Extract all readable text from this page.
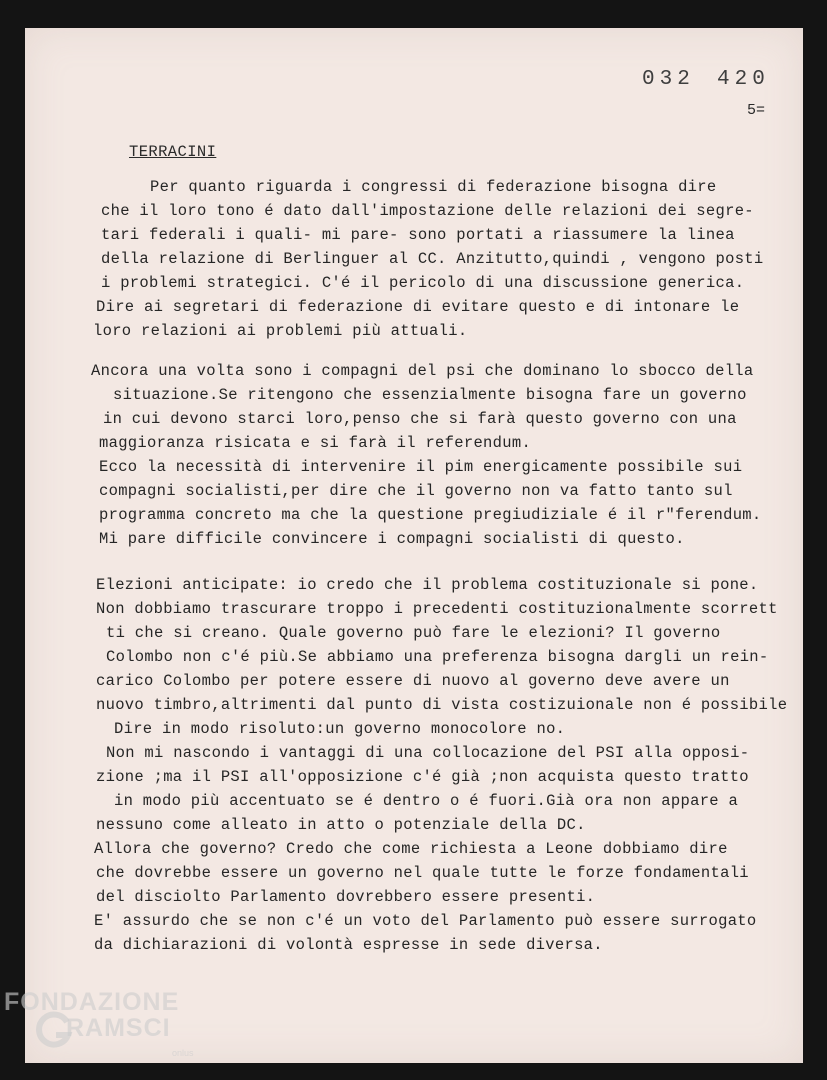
032 420
5=
TERRACINI
Per quanto riguarda i congressi di federazione bisogna dire
che il loro tono é dato dall'impostazione delle relazioni dei segre-
tari federali i quali- mi pare- sono portati a riassumere la linea
della relazione di Berlinguer al CC. Anzitutto,quindi , vengono posti
i problemi strategici. C'é il pericolo di una discussione generica.
Dire ai segretari di federazione di evitare questo e di intonare le
loro relazioni ai problemi più attuali.
Ancora una volta sono i compagni del psi che dominano lo sbocco della
situazione.Se ritengono che essenzialmente bisogna fare un governo
in cui devono starci loro,penso che si farà questo governo con una
maggioranza risicata e si farà il referendum.
Ecco la necessità di intervenire il pim energicamente possibile sui
compagni socialisti,per dire che il governo non va fatto tanto sul
programma concreto ma che la questione pregiudiziale é il r"ferendum.
Mi pare difficile convincere i compagni socialisti di questo.
Elezioni anticipate: io credo che il problema costituzionale si pone.
Non dobbiamo trascurare troppo i precedenti costituzionalmente scorrett
ti che si creano. Quale governo può fare le elezioni? Il governo
Colombo non c'é più.Se abbiamo una preferenza bisogna dargli un rein-
carico Colombo per potere essere di nuovo al governo deve avere un
nuovo timbro,altrimenti dal punto di vista costizuionale non é possibile
Dire in modo risoluto:un governo monocolore no.
Non mi nascondo i vantaggi di una collocazione del PSI alla opposi-
zione ;ma il PSI all'opposizione c'é già ;non acquista questo tratto
in modo più accentuato se é dentro o é fuori.Già ora non appare a
nessuno come alleato in atto o potenziale della DC.
Allora che governo? Credo che come richiesta a Leone dobbiamo dire
che dovrebbe essere un governo nel quale tutte le forze fondamentali
del disciolto Parlamento dovrebbero essere presenti.
E' assurdo che se non c'é un voto del Parlamento può essere surrogato
da dichiarazioni di volontà espresse in sede diversa.
FONDAZIONE
RAMSCI
onlus
